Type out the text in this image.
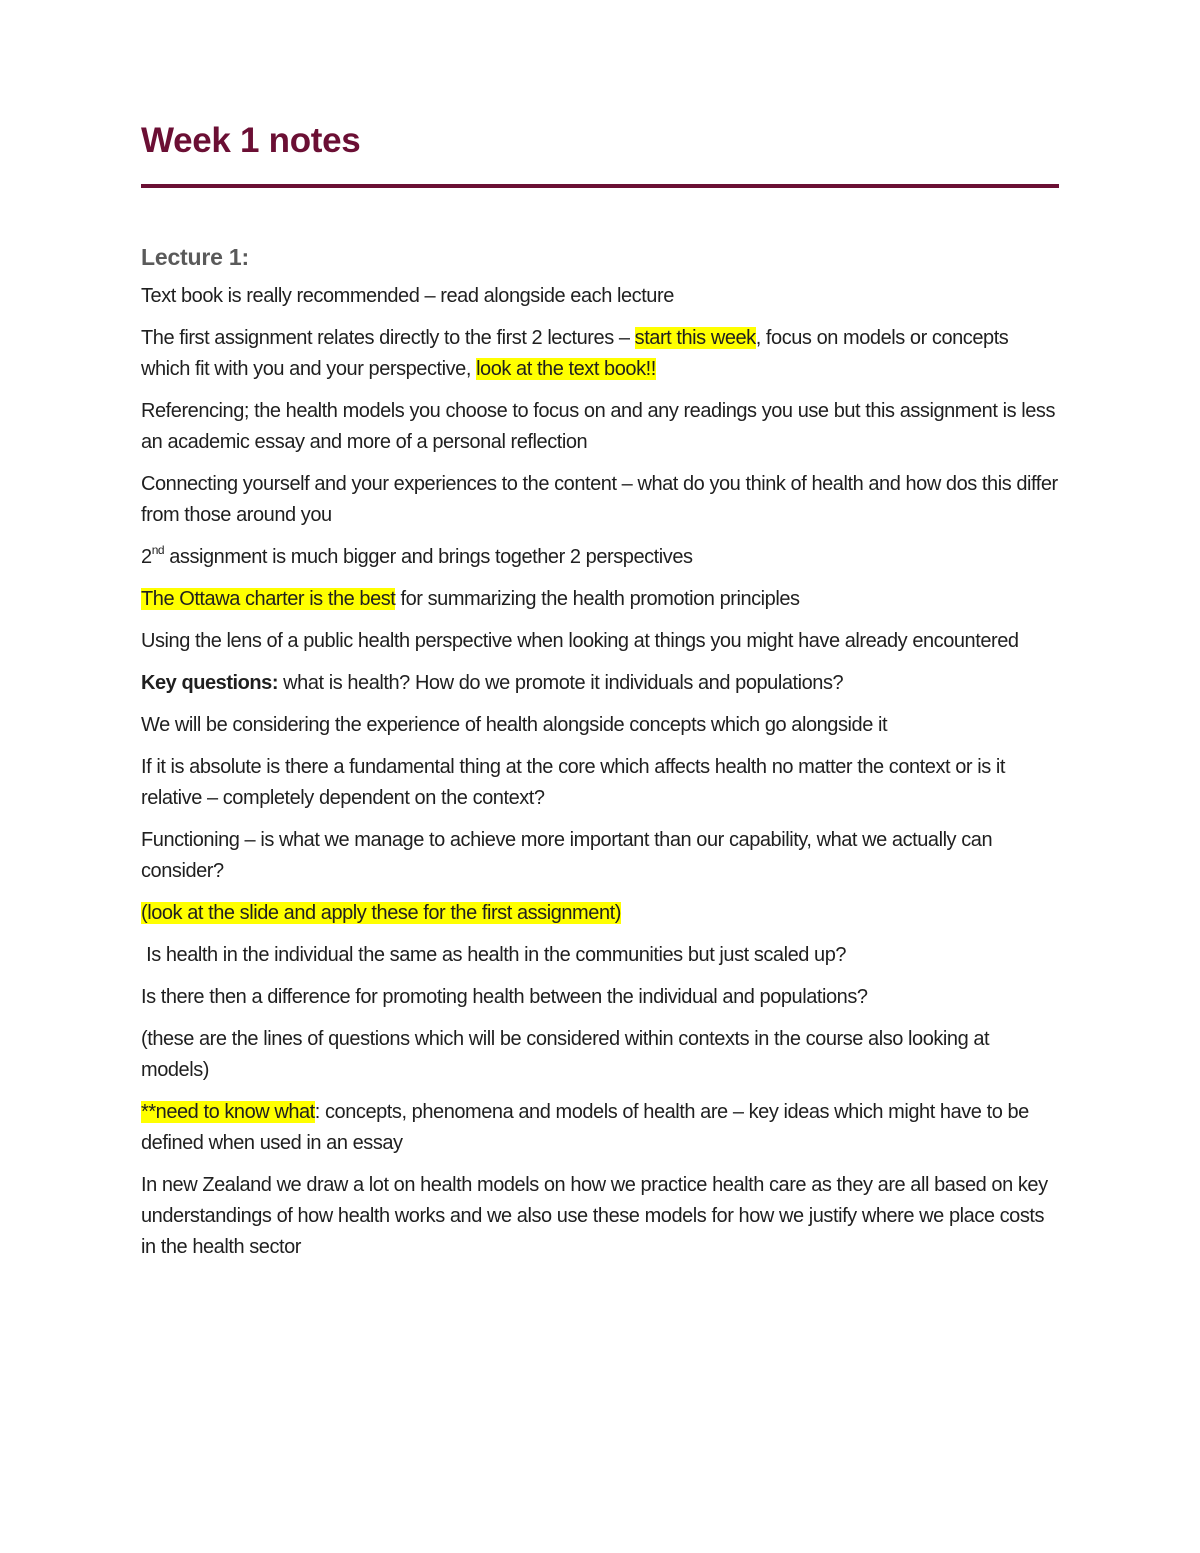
Week 1 notes
Lecture 1:

Text book is really recommended – read alongside each lecture

The first assignment relates directly to the first 2 lectures – start this week, focus on models or concepts which fit with you and your perspective, look at the text book!!

Referencing; the health models you choose to focus on and any readings you use but this assignment is less an academic essay and more of a personal reflection

Connecting yourself and your experiences to the content – what do you think of health and how dos this differ from those around you

2nd assignment is much bigger and brings together 2 perspectives

The Ottawa charter is the best for summarizing the health promotion principles

Using the lens of a public health perspective when looking at things you might have already encountered

Key questions: what is health? How do we promote it individuals and populations?

We will be considering the experience of health alongside concepts which go alongside it

If it is absolute is there a fundamental thing at the core which affects health no matter the context or is it relative – completely dependent on the context?

Functioning – is what we manage to achieve more important than our capability, what we actually can consider?

(look at the slide and apply these for the first assignment)

Is health in the individual the same as health in the communities but just scaled up?

Is there then a difference for promoting health between the individual and populations?

(these are the lines of questions which will be considered within contexts in the course also looking at models)

**need to know what: concepts, phenomena and models of health are – key ideas which might have to be defined when used in an essay

In new Zealand we draw a lot on health models on how we practice health care as they are all based on key understandings of how health works and we also use these models for how we justify where we place costs in the health sector
